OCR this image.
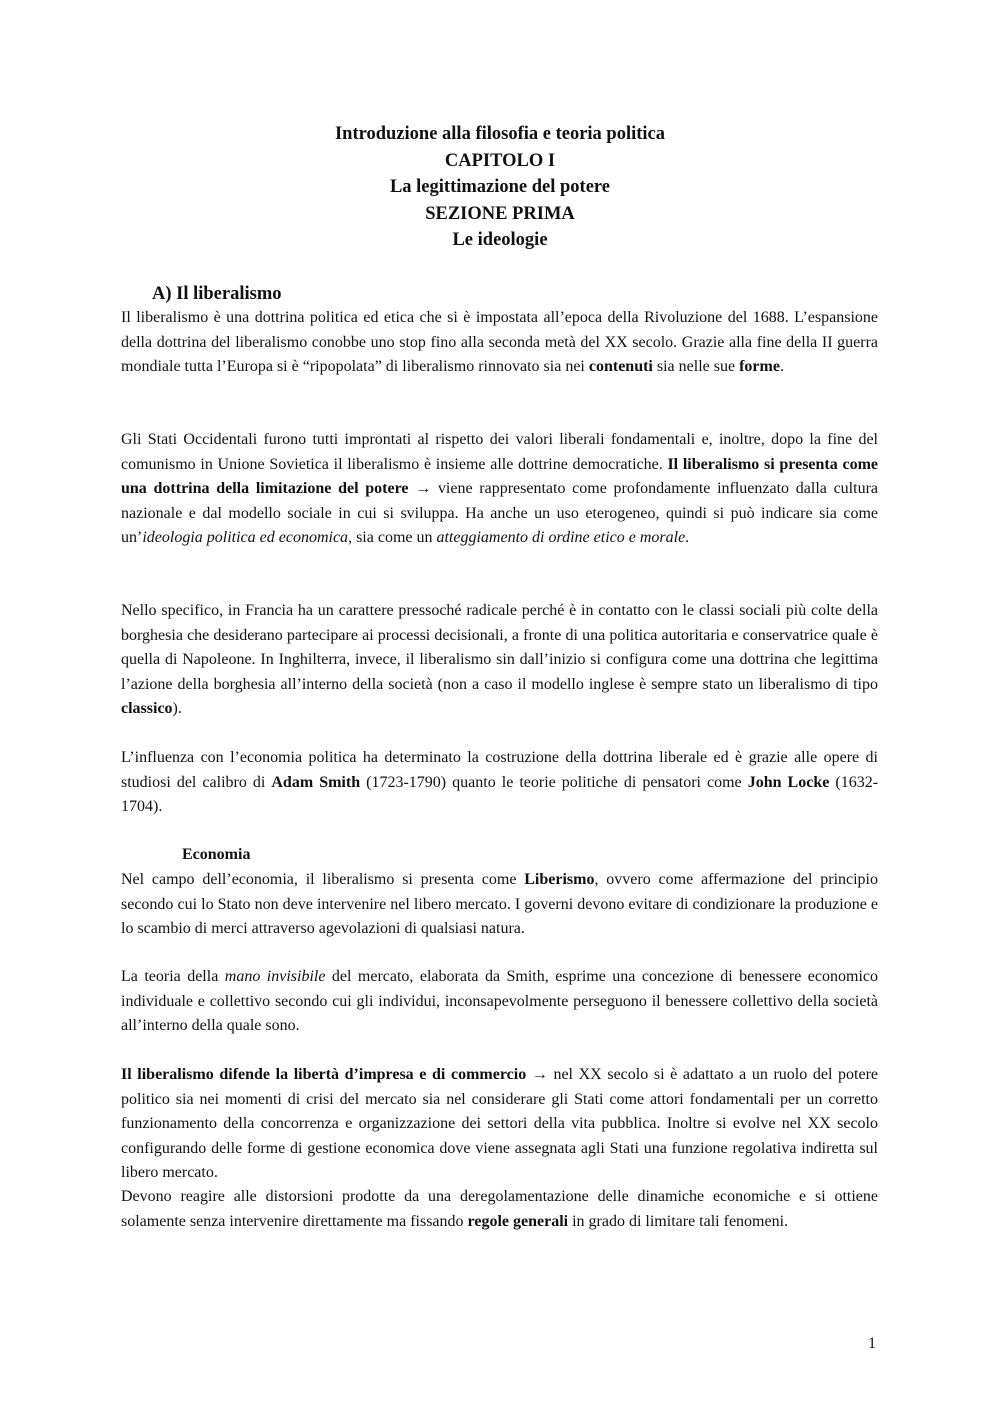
Introduzione alla filosofia e teoria politica

CAPITOLO I

La legittimazione del potere

SEZIONE PRIMA

Le ideologie

A) Il liberalismo

Il liberalismo è una dottrina politica ed etica che si è impostata all’epoca della Rivoluzione del 1688. L’espansione della dottrina del liberalismo conobbe uno stop fino alla seconda metà del XX secolo. Grazie alla fine della II guerra mondiale tutta l’Europa si è “ripopolata” di liberalismo rinnovato sia nei contenuti sia nelle sue forme.

Gli Stati Occidentali furono tutti improntati al rispetto dei valori liberali fondamentali e, inoltre, dopo la fine del comunismo in Unione Sovietica il liberalismo è insieme alle dottrine democratiche. Il liberalismo si presenta come una dottrina della limitazione del potere → viene rappresentato come profondamente influenzato dalla cultura nazionale e dal modello sociale in cui si sviluppa. Ha anche un uso eterogeneo, quindi si può indicare sia come un’ideologia politica ed economica, sia come un atteggiamento di ordine etico e morale.

Nello specifico, in Francia ha un carattere pressoché radicale perché è in contatto con le classi sociali più colte della borghesia che desiderano partecipare ai processi decisionali, a fronte di una politica autoritaria e conservatrice quale è quella di Napoleone. In Inghilterra, invece, il liberalismo sin dall’inizio si configura come una dottrina che legittima l’azione della borghesia all’interno della società (non a caso il modello inglese è sempre stato un liberalismo di tipo classico).

L’influenza con l’economia politica ha determinato la costruzione della dottrina liberale ed è grazie alle opere di studiosi del calibro di Adam Smith (1723-1790) quanto le teorie politiche di pensatori come John Locke (1632-1704).

Economia

Nel campo dell’economia, il liberalismo si presenta come Liberismo, ovvero come affermazione del principio secondo cui lo Stato non deve intervenire nel libero mercato. I governi devono evitare di condizionare la produzione e lo scambio di merci attraverso agevolazioni di qualsiasi natura.

La teoria della mano invisibile del mercato, elaborata da Smith, esprime una concezione di benessere economico individuale e collettivo secondo cui gli individui, inconsapevolmente perseguono il benessere collettivo della società all’interno della quale sono.

Il liberalismo difende la libertà d’impresa e di commercio → nel XX secolo si è adattato a un ruolo del potere politico sia nei momenti di crisi del mercato sia nel considerare gli Stati come attori fondamentali per un corretto funzionamento della concorrenza e organizzazione dei settori della vita pubblica. Inoltre si evolve nel XX secolo configurando delle forme di gestione economica dove viene assegnata agli Stati una funzione regolativa indiretta sul libero mercato.

Devono reagire alle distorsioni prodotte da una deregolamentazione delle dinamiche economiche e si ottiene solamente senza intervenire direttamente ma fissando regole generali in grado di limitare tali fenomeni.

1
